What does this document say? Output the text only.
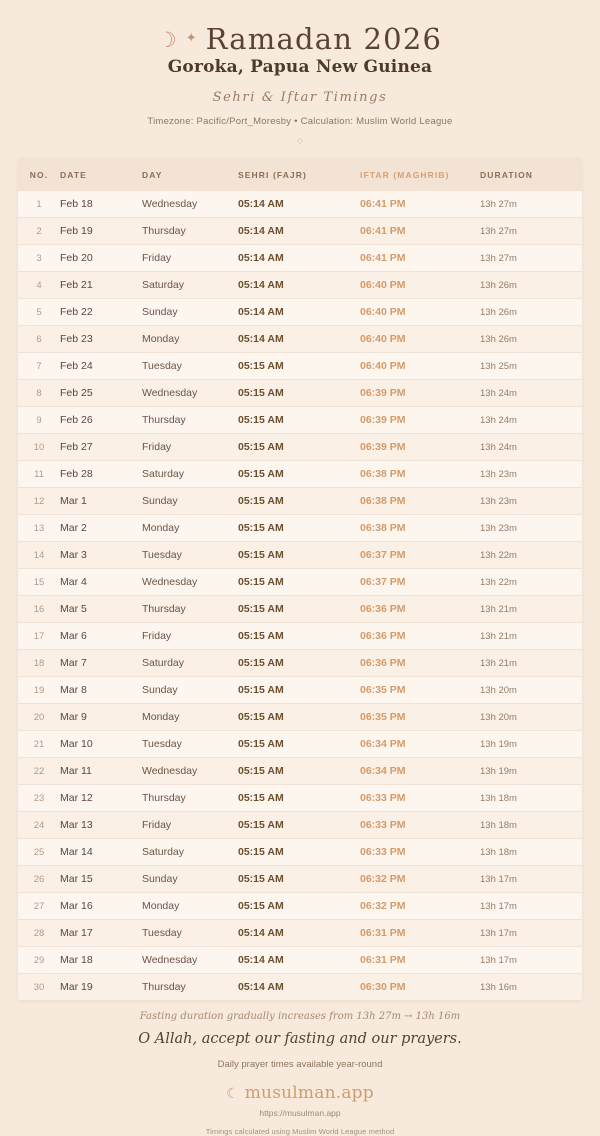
☽ ✦ Ramadan 2026
Goroka, Papua New Guinea
Sehri & Iftar Timings
Timezone: Pacific/Port_Moresby • Calculation: Muslim World League
◇
NO.	DATE	DAY	SEHRI (FAJR)	IFTAR (MAGHRIB)	DURATION
1	Feb 18	Wednesday	05:14 AM	06:41 PM	13h 27m
2	Feb 19	Thursday	05:14 AM	06:41 PM	13h 27m
3	Feb 20	Friday	05:14 AM	06:41 PM	13h 27m
4	Feb 21	Saturday	05:14 AM	06:40 PM	13h 26m
5	Feb 22	Sunday	05:14 AM	06:40 PM	13h 26m
6	Feb 23	Monday	05:14 AM	06:40 PM	13h 26m
7	Feb 24	Tuesday	05:15 AM	06:40 PM	13h 25m
8	Feb 25	Wednesday	05:15 AM	06:39 PM	13h 24m
9	Feb 26	Thursday	05:15 AM	06:39 PM	13h 24m
10	Feb 27	Friday	05:15 AM	06:39 PM	13h 24m
11	Feb 28	Saturday	05:15 AM	06:38 PM	13h 23m
12	Mar 1	Sunday	05:15 AM	06:38 PM	13h 23m
13	Mar 2	Monday	05:15 AM	06:38 PM	13h 23m
14	Mar 3	Tuesday	05:15 AM	06:37 PM	13h 22m
15	Mar 4	Wednesday	05:15 AM	06:37 PM	13h 22m
16	Mar 5	Thursday	05:15 AM	06:36 PM	13h 21m
17	Mar 6	Friday	05:15 AM	06:36 PM	13h 21m
18	Mar 7	Saturday	05:15 AM	06:36 PM	13h 21m
19	Mar 8	Sunday	05:15 AM	06:35 PM	13h 20m
20	Mar 9	Monday	05:15 AM	06:35 PM	13h 20m
21	Mar 10	Tuesday	05:15 AM	06:34 PM	13h 19m
22	Mar 11	Wednesday	05:15 AM	06:34 PM	13h 19m
23	Mar 12	Thursday	05:15 AM	06:33 PM	13h 18m
24	Mar 13	Friday	05:15 AM	06:33 PM	13h 18m
25	Mar 14	Saturday	05:15 AM	06:33 PM	13h 18m
26	Mar 15	Sunday	05:15 AM	06:32 PM	13h 17m
27	Mar 16	Monday	05:15 AM	06:32 PM	13h 17m
28	Mar 17	Tuesday	05:14 AM	06:31 PM	13h 17m
29	Mar 18	Wednesday	05:14 AM	06:31 PM	13h 17m
30	Mar 19	Thursday	05:14 AM	06:30 PM	13h 16m
Fasting duration gradually increases from 13h 27m → 13h 16m
O Allah, accept our fasting and our prayers.
Daily prayer times available year-round
☾ musulman.app
https://musulman.app
Timings calculated using Muslim World League method
